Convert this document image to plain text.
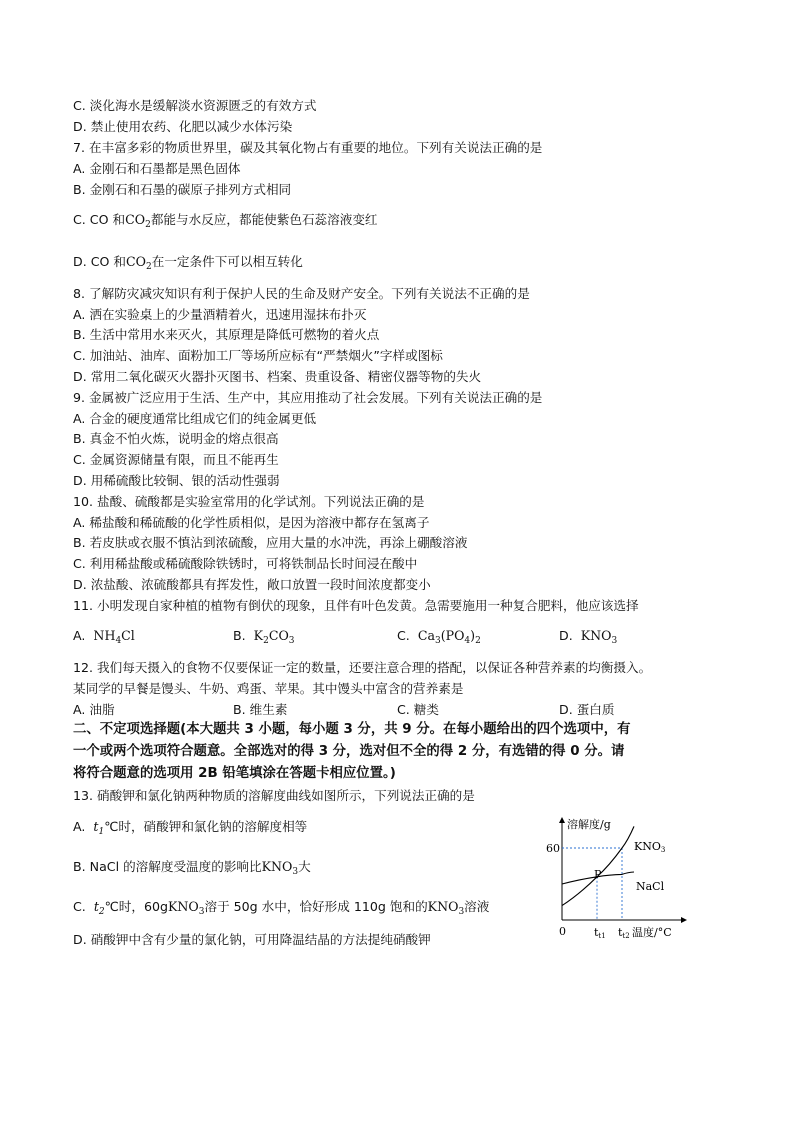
C. 淡化海水是缓解淡水资源匮乏的有效方式
D. 禁止使用农药、化肥以减少水体污染
7. 在丰富多彩的物质世界里，碳及其氧化物占有重要的地位。下列有关说法正确的是
A. 金刚石和石墨都是黑色固体
B. 金刚石和石墨的碳原子排列方式相同
C. CO 和$CO_2$都能与水反应，都能使紫色石蕊溶液变红
D. CO 和$CO_2$在一定条件下可以相互转化
8. 了解防灾减灾知识有利于保护人民的生命及财产安全。下列有关说法不正确的是
A. 洒在实验桌上的少量酒精着火，迅速用湿抹布扑灭
B. 生活中常用水来灭火，其原理是降低可燃物的着火点
C. 加油站、油库、面粉加工厂等场所应标有“严禁烟火”字样或图标
D. 常用二氧化碳灭火器扑灭图书、档案、贵重设备、精密仪器等物的失火
9. 金属被广泛应用于生活、生产中，其应用推动了社会发展。下列有关说法正确的是
A. 合金的硬度通常比组成它们的纯金属更低
B. 真金不怕火炼，说明金的熔点很高
C. 金属资源储量有限，而且不能再生
D. 用稀硫酸比较铜、银的活动性强弱
10. 盐酸、硫酸都是实验室常用的化学试剂。下列说法正确的是
A. 稀盐酸和稀硫酸的化学性质相似，是因为溶液中都存在氢离子
B. 若皮肤或衣服不慎沾到浓硫酸，应用大量的水冲洗，再涂上硼酸溶液
C. 利用稀盐酸或稀硫酸除铁锈时，可将铁制品长时间浸在酸中
D. 浓盐酸、浓硫酸都具有挥发性，敞口放置一段时间浓度都变小
11. 小明发现自家种植的植物有倒伏的现象，且伴有叶色发黄。急需要施用一种复合肥料，他应该选择
A. $NH_4Cl$	B. $K_2CO_3$	C. $Ca_3(PO_4)_2$	D. $KNO_3$
12. 我们每天摄入的食物不仅要保证一定的数量，还要注意合理的搭配，以保证各种营养素的均衡摄入。
某同学的早餐是馒头、牛奶、鸡蛋、苹果。其中馒头中富含的营养素是
A. 油脂	B. 维生素	C. 糖类	D. 蛋白质
二、不定项选择题(本大题共 3 小题，每小题 3 分，共 9 分。在每小题给出的四个选项中，有
一个或两个选项符合题意。全部选对的得 3 分，选对但不全的得 2 分，有选错的得 0 分。请
将符合题意的选项用 2B 铅笔填涂在答题卡相应位置。)
13. 硝酸钾和氯化钠两种物质的溶解度曲线如图所示，下列说法正确的是
A. $t_1℃$时，硝酸钾和氯化钠的溶解度相等
B. NaCl 的溶解度受温度的影响比$KNO_3$大
C. $t_2℃$时，60gKNO$_3$溶于 50g 水中，恰好形成 110g 饱和的$KNO_3$溶液
D. 硝酸钾中含有少量的氯化钠，可用降温结晶的方法提纯硝酸钾
溶解度/g
温度/°C
0
60
tt1 tt2
P
KNO3
NaCl
